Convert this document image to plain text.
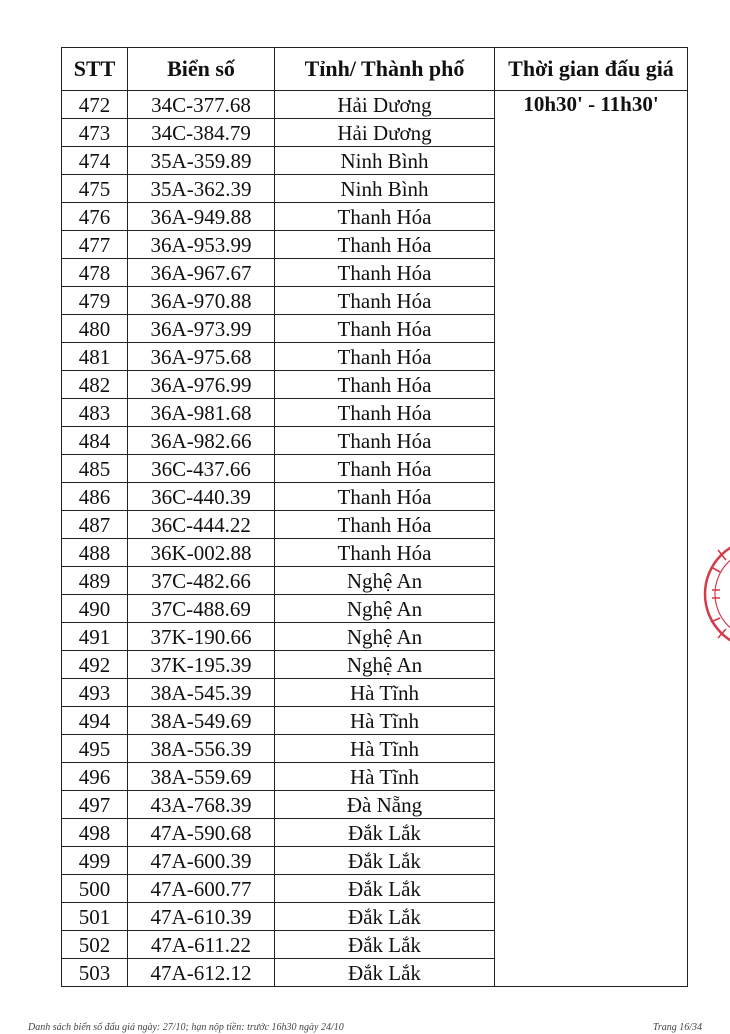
STT	Biển số	Tỉnh/ Thành phố	Thời gian đấu giá
472	34C-377.68	Hải Dương	10h30' - 11h30'
473	34C-384.79	Hải Dương	
474	35A-359.89	Ninh Bình	
475	35A-362.39	Ninh Bình	
476	36A-949.88	Thanh Hóa	
477	36A-953.99	Thanh Hóa	
478	36A-967.67	Thanh Hóa	
479	36A-970.88	Thanh Hóa	
480	36A-973.99	Thanh Hóa	
481	36A-975.68	Thanh Hóa	
482	36A-976.99	Thanh Hóa	
483	36A-981.68	Thanh Hóa	
484	36A-982.66	Thanh Hóa	
485	36C-437.66	Thanh Hóa	
486	36C-440.39	Thanh Hóa	
487	36C-444.22	Thanh Hóa	
488	36K-002.88	Thanh Hóa	
489	37C-482.66	Nghệ An	
490	37C-488.69	Nghệ An	
491	37K-190.66	Nghệ An	
492	37K-195.39	Nghệ An	
493	38A-545.39	Hà Tĩnh	
494	38A-549.69	Hà Tĩnh	
495	38A-556.39	Hà Tĩnh	
496	38A-559.69	Hà Tĩnh	
497	43A-768.39	Đà Nẵng	
498	47A-590.68	Đắk Lắk	
499	47A-600.39	Đắk Lắk	
500	47A-600.77	Đắk Lắk	
501	47A-610.39	Đắk Lắk	
502	47A-611.22	Đắk Lắk	
503	47A-612.12	Đắk Lắk	
Danh sách biển số đấu giá ngày: 27/10; hạn nộp tiền: trước 16h30 ngày 24/10	Trang 16/34
